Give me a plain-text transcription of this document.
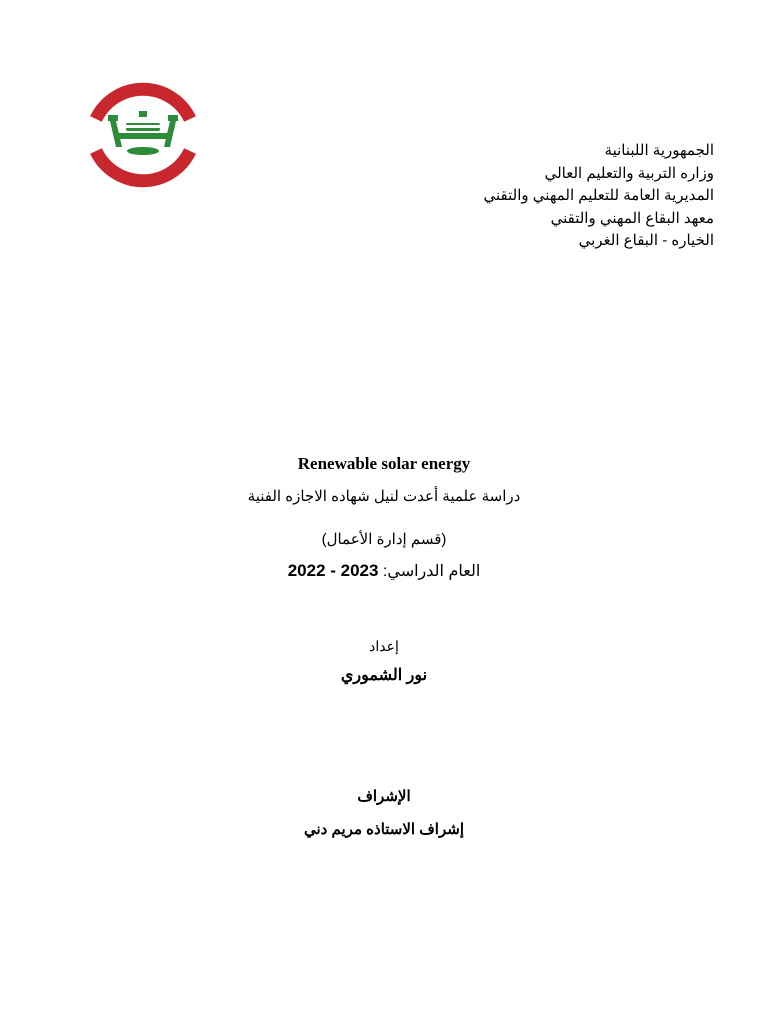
الجمهورية اللبنانية
وزاره التربية والتعليم العالي
المديرية العامة للتعليم المهني والتقني
معهد البقاع المهني والتقني
الخياره - البقاع الغربي
Renewable solar energy
دراسة علمية أعدت لنيل شهاده الاجازه الفنية
(قسم إدارة الأعمال)
العام الدراسي: 2022 - 2023
إعداد
نور الشموري
الإشراف
إشراف الاستاذه مريم دني
